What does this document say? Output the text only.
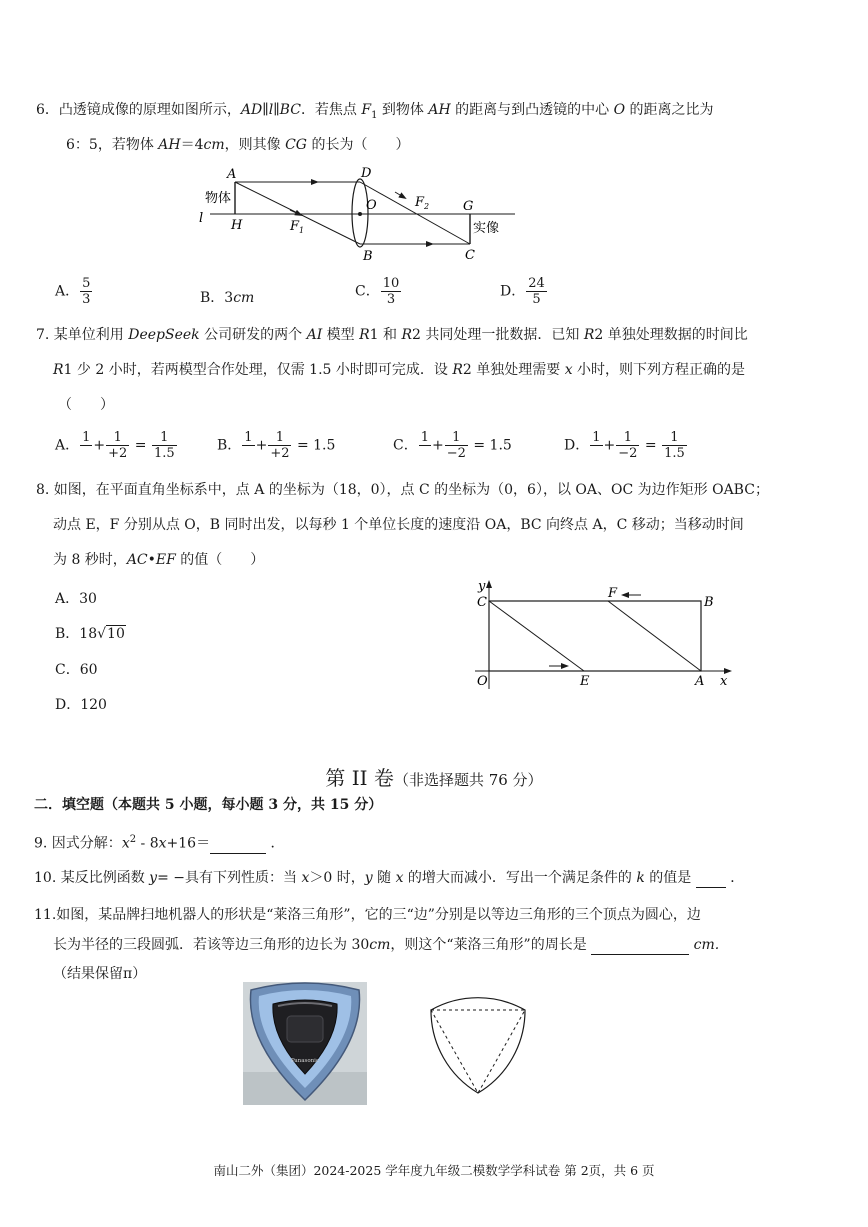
6．凸透镜成像的原理如图所示，AD∥l∥BC．若焦点 $F_1$ 到物体 AH 的距离与到凸透镜的中心 O 的距离之比为
6：5，若物体 AH＝4cm，则其像 CG 的长为（　　）
A	D
物体
l H
O	$F_2$	G
实像
$F_1$
B	C
A． $\frac{5}{3}$	B．3cm	C． $\frac{10}{3}$	D． $\frac{24}{5}$
7. 某单位利用 DeepSeek 公司研发的两个 AI 模型 R1 和 R2 共同处理一批数据．已知 R2 单独处理数据的时间比
R1 少 2 小时，若两模型合作处理，仅需 1.5 小时即可完成．设 R2 单独处理需要 x 小时，则下列方程正确的是
（　　）
A． 1
+ $\frac{1}{+2} = \frac{1}{1.5}$	B． 1
+ $\frac{1}{+2} = 1.5$	C． 1
+ $\frac{1}{-2} = 1.5$	D． 1
+ $\frac{1}{-2} = \frac{1}{1.5}$
8. 如图，在平面直角坐标系中，点 A 的坐标为（18，0），点 C 的坐标为（0，6），以 OA、OC 为边作矩形 OABC；
动点 E，F 分别从点 O，B 同时出发，以每秒 1 个单位长度的速度沿 OA，BC 向终点 A，C 移动；当移动时间
为 8 秒时，AC•EF 的值（　　）
A．30
B．18√10
C．60
D．120
y
C
F
B
O	E	A x
第 II 卷（非选择题共 76 分）
二．填空题（本题共 5 小题，每小题 3 分，共 15 分）
9. 因式分解：$x^2 - 8x+16=$	．
10. 某反比例函数 y= −具有下列性质：当 x＞0 时，y 随 x 的增大而减小．写出一个满足条件的 k 的值是  ．
11.如图，某品牌扫地机器人的形状是“莱洛三角形”，它的三“边”分别是以等边三角形的三个顶点为圆心，边
长为半径的三段圆弧．若该等边三角形的边长为 30cm，则这个“莱洛三角形”的周长是	cm.
（结果保留π）
Panasonic
南山二外（集团）2024-2025 学年度九年级二模数学学科试卷 第 2页，共 6 页
